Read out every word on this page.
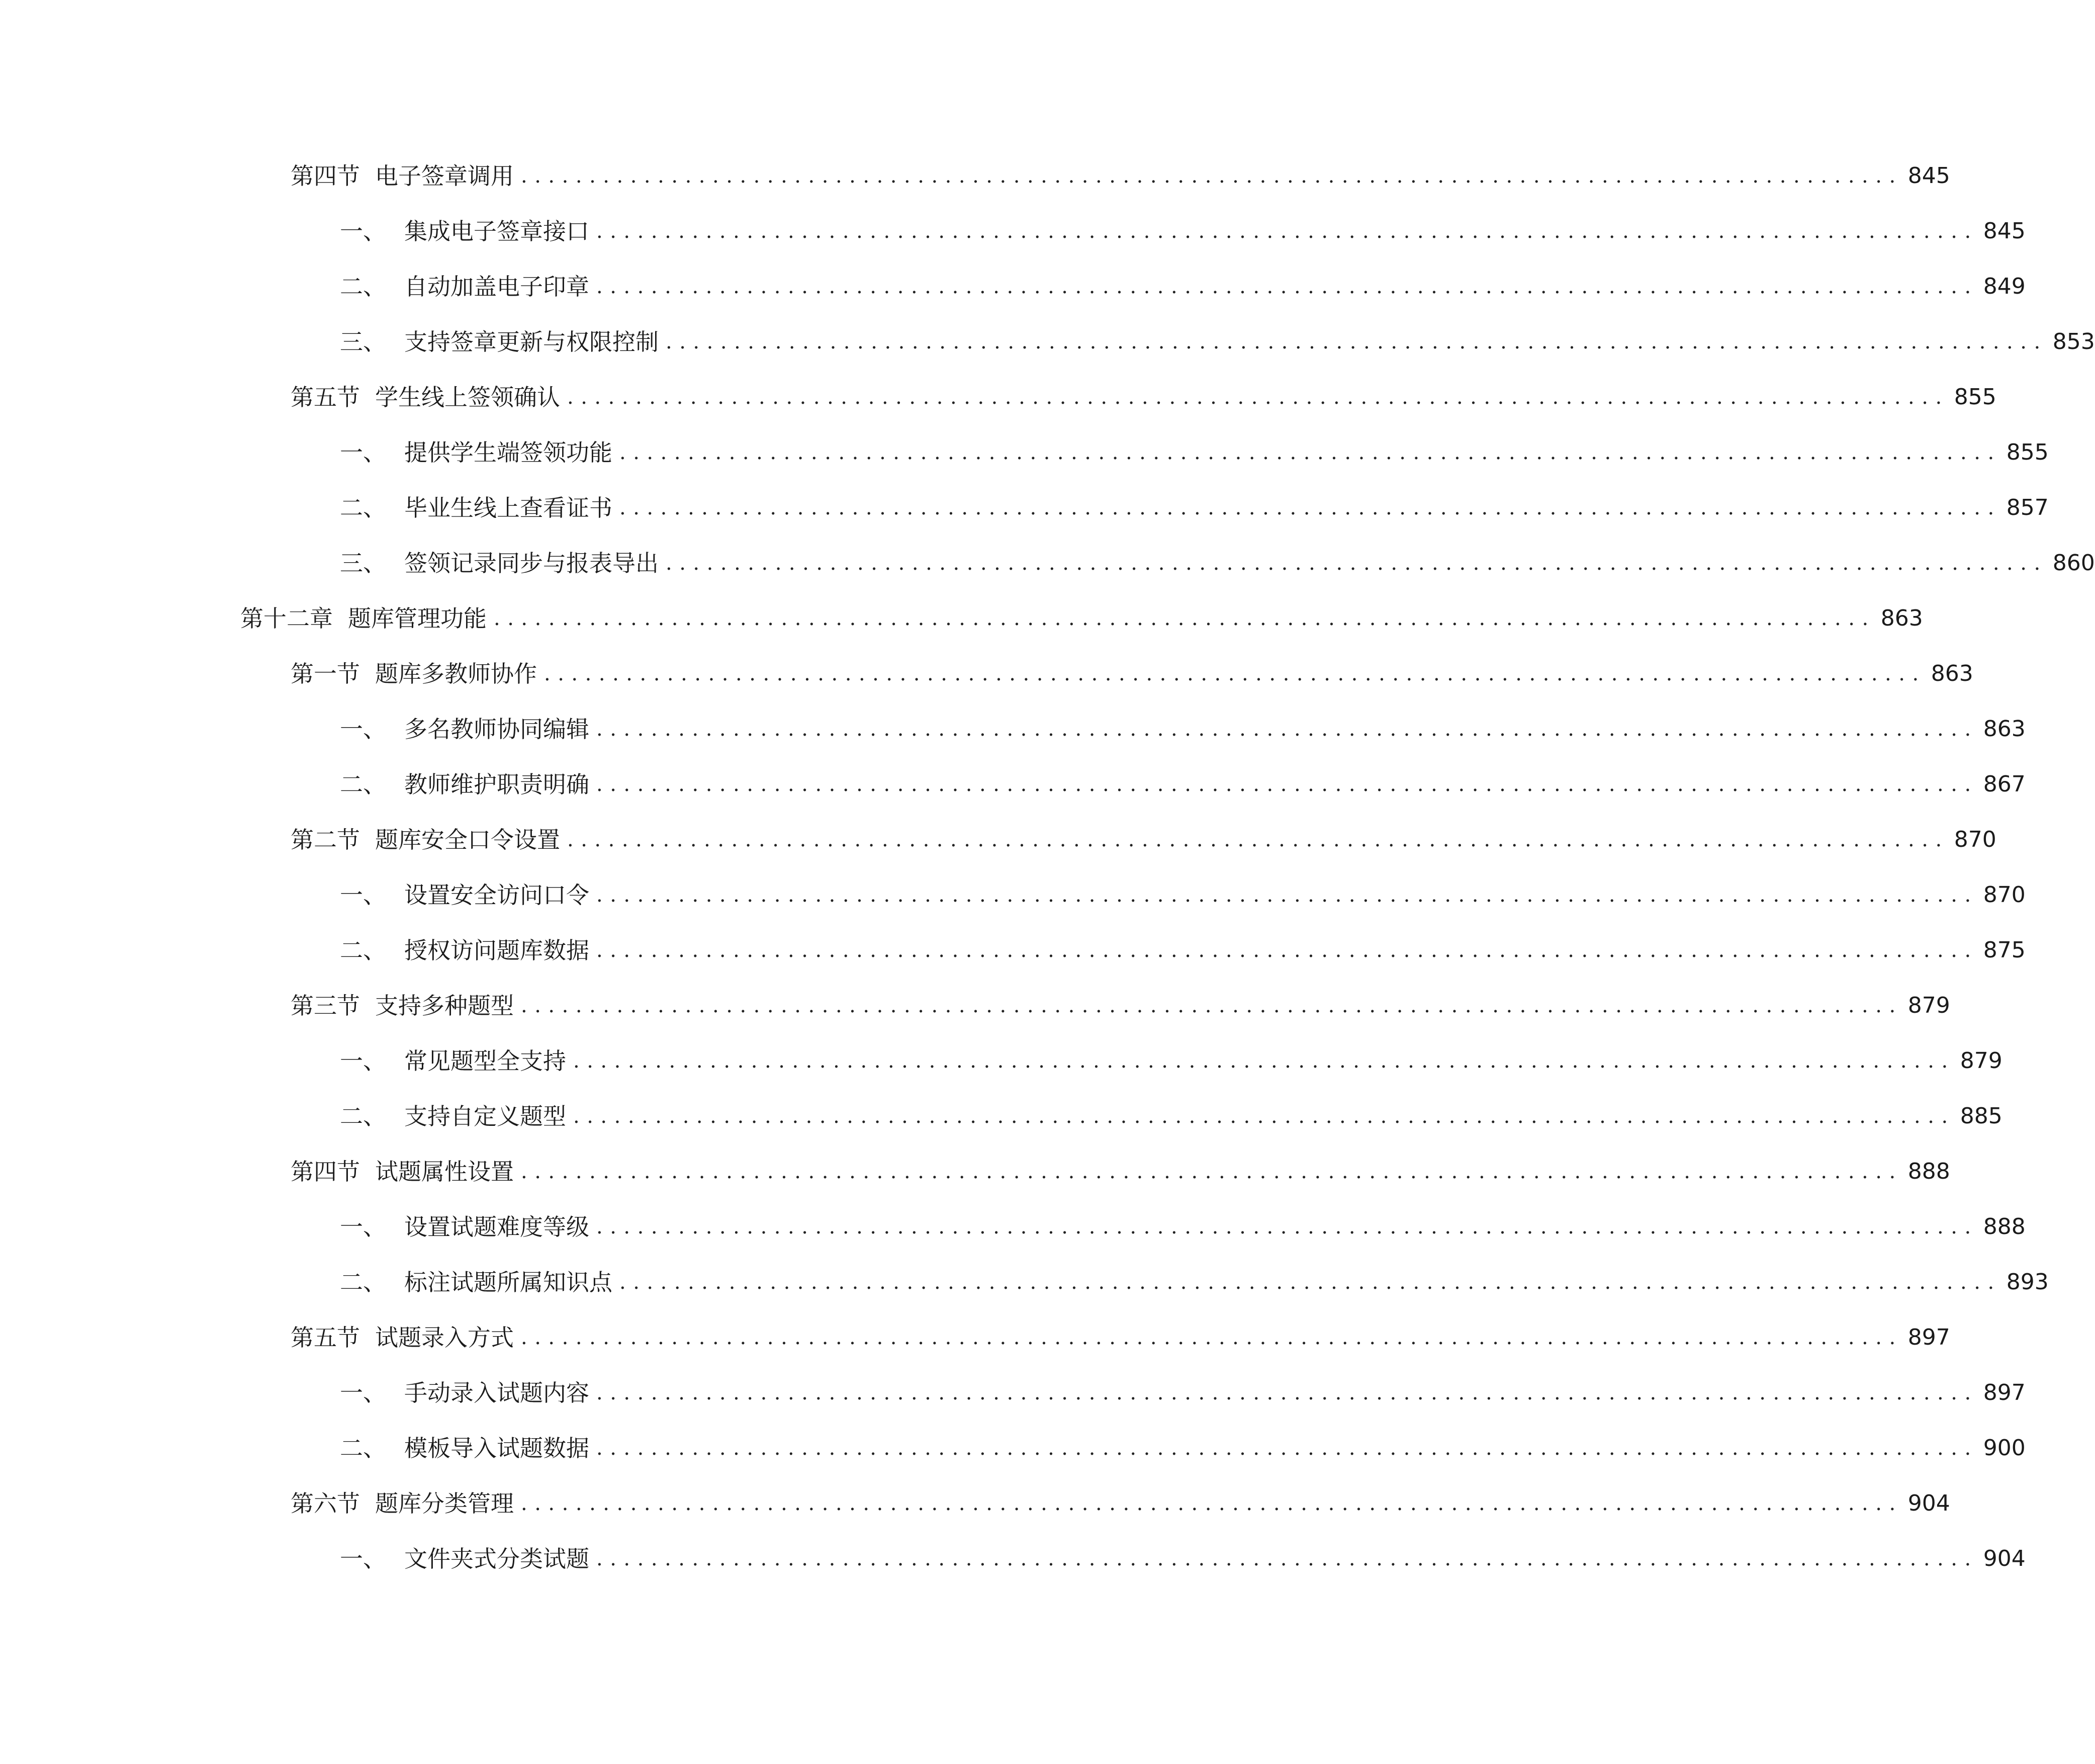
第四节 电子签章调用 ..................................................................................................... 845
一、 集成电子签章接口 ..................................................................................................... 845
二、 自动加盖电子印章 ..................................................................................................... 849
三、 支持签章更新与权限控制 ..................................................................................................... 853
第五节 学生线上签领确认 ..................................................................................................... 855
一、 提供学生端签领功能 ..................................................................................................... 855
二、 毕业生线上查看证书 ..................................................................................................... 857
三、 签领记录同步与报表导出 ..................................................................................................... 860
第十二章 题库管理功能 ..................................................................................................... 863
第一节 题库多教师协作 ..................................................................................................... 863
一、 多名教师协同编辑 ..................................................................................................... 863
二、 教师维护职责明确 ..................................................................................................... 867
第二节 题库安全口令设置 ..................................................................................................... 870
一、 设置安全访问口令 ..................................................................................................... 870
二、 授权访问题库数据 ..................................................................................................... 875
第三节 支持多种题型 ..................................................................................................... 879
一、 常见题型全支持 ..................................................................................................... 879
二、 支持自定义题型 ..................................................................................................... 885
第四节 试题属性设置 ..................................................................................................... 888
一、 设置试题难度等级 ..................................................................................................... 888
二、 标注试题所属知识点 ..................................................................................................... 893
第五节 试题录入方式 ..................................................................................................... 897
一、 手动录入试题内容 ..................................................................................................... 897
二、 模板导入试题数据 ..................................................................................................... 900
第六节 题库分类管理 ..................................................................................................... 904
一、 文件夹式分类试题 ..................................................................................................... 904
